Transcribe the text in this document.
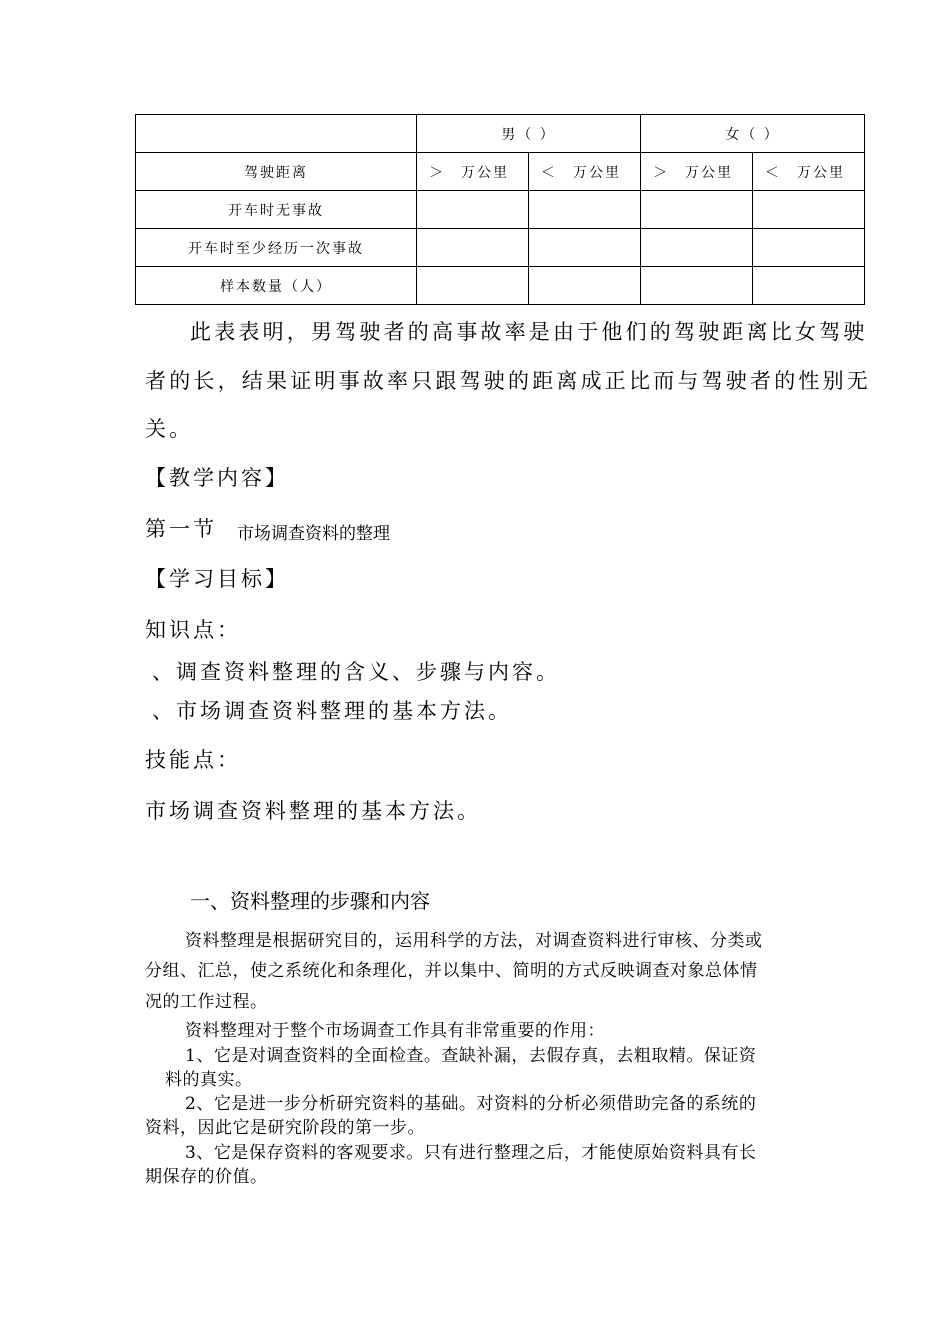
	男（ ）		女（ ）	
驾驶距离	＞　万公里	＜　万公里	＞　万公里	＜　万公里
开车时无事故				
开车时至少经历一次事故				
样本数量（人）				
此表表明，男驾驶者的高事故率是由于他们的驾驶距离比女驾驶
者的长，结果证明事故率只跟驾驶的距离成正比而与驾驶者的性别无
关。
【教学内容】
第一节 市场调查资料的整理
【学习目标】
知识点：
、调查资料整理的含义、步骤与内容。
、市场调查资料整理的基本方法。
技能点：
市场调查资料整理的基本方法。
一、资料整理的步骤和内容
资料整理是根据研究目的，运用科学的方法，对调查资料进行审核、分类或
分组、汇总，使之系统化和条理化，并以集中、简明的方式反映调查对象总体情
况的工作过程。
资料整理对于整个市场调查工作具有非常重要的作用：
1、它是对调查资料的全面检查。查缺补漏，去假存真，去粗取精。保证资
料的真实。
2、它是进一步分析研究资料的基础。对资料的分析必须借助完备的系统的
资料，因此它是研究阶段的第一步。
3、它是保存资料的客观要求。只有进行整理之后，才能使原始资料具有长
期保存的价值。
